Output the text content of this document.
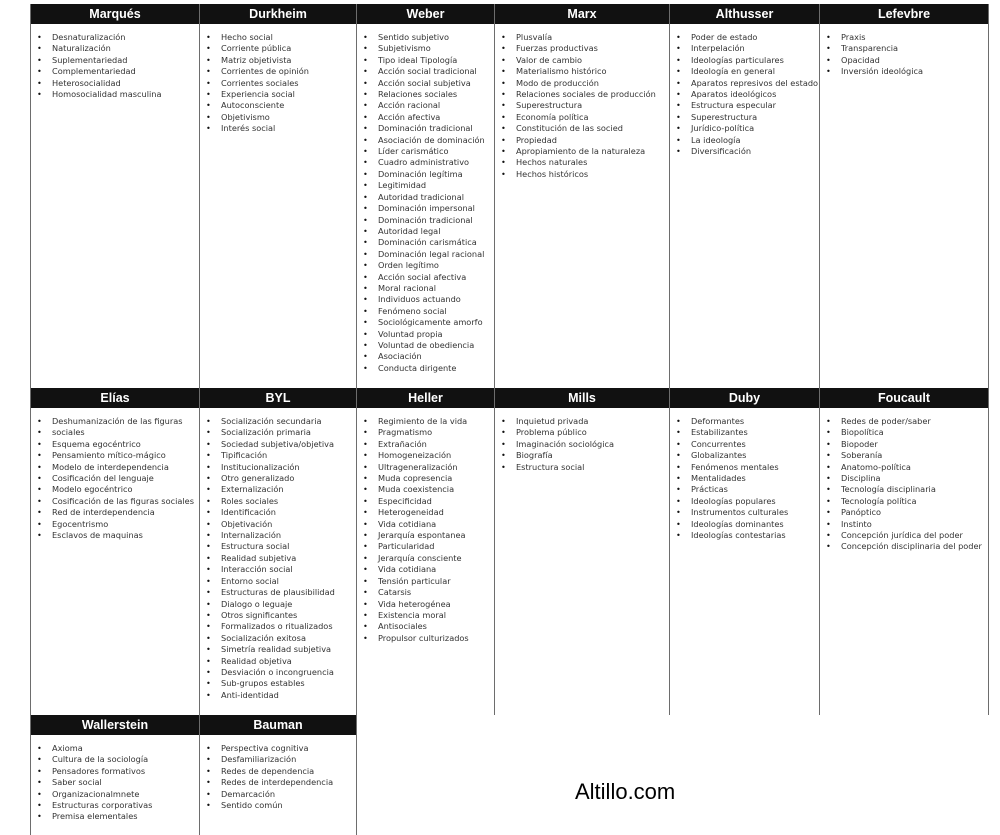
Marqués
• Desnaturalización
• Naturalización
• Suplementariedad
• Complementariedad
• Heterosocialidad
• Homosocialidad masculina
Durkheim
• Hecho social
• Corriente pública
• Matriz objetivista
• Corrientes de opinión
• Corrientes sociales
• Experiencia social
• Autoconsciente
• Objetivismo
• Interés social
Weber
• Sentido subjetivo
• Subjetivismo
• Tipo ideal Tipología
• Acción social tradicional
• Acción social subjetiva
• Relaciones sociales
• Acción racional
• Acción afectiva
• Dominación tradicional
• Asociación de dominación
• Líder carismático
• Cuadro administrativo
• Dominación legítima
• Legitimidad
• Autoridad tradicional
• Dominación impersonal
• Dominación tradicional
• Autoridad legal
• Dominación carismática
• Dominación legal racional
• Orden legítimo
• Acción social afectiva
• Moral racional
• Individuos actuando
• Fenómeno social
• Sociológicamente amorfo
• Voluntad propia
• Voluntad de obediencia
• Asociación
• Conducta dirigente
Marx
• Plusvalía
• Fuerzas productivas
• Valor de cambio
• Materialismo histórico
• Modo de producción
• Relaciones sociales de producción
• Superestructura
• Economía política
• Constitución de las socied
• Propiedad
• Apropiamiento de la naturaleza
• Hechos naturales
• Hechos históricos
Althusser
• Poder de estado
• Interpelación
• Ideologías particulares
• Ideología en general
• Aparatos represivos del estado
• Aparatos ideológicos
• Estructura especular
• Superestructura
• Jurídico-política
• La ideología
• Diversificación
Lefevbre
• Praxis
• Transparencia
• Opacidad
• Inversión ideológica
Elías
• Deshumanización de las figuras
• sociales
• Esquema egocéntrico
• Pensamiento mítico-mágico
• Modelo de interdependencia
• Cosificación del lenguaje
• Modelo egocéntrico
• Cosificación de las figuras sociales
• Red de interdependencia
• Egocentrismo
• Esclavos de maquinas
BYL
• Socialización secundaria
• Socialización primaria
• Sociedad subjetiva/objetiva
• Tipificación
• Institucionalización
• Otro generalizado
• Externalización
• Roles sociales
• Identificación
• Objetivación
• Internalización
• Estructura social
• Realidad subjetiva
• Interacción social
• Entorno social
• Estructuras de plausibilidad
• Dialogo o leguaje
• Otros significantes
• Formalizados o ritualizados
• Socialización exitosa
• Simetría realidad subjetiva
• Realidad objetiva
• Desviación o incongruencia
• Sub-grupos estables
• Anti-identidad
Heller
• Regimiento de la vida
• Pragmatismo
• Extrañación
• Homogeneización
• Ultrageneralización
• Muda copresencia
• Muda coexistencia
• Especificidad
• Heterogeneidad
• Vida cotidiana
• Jerarquía espontanea
• Particularidad
• Jerarquía consciente
• Vida cotidiana
• Tensión particular
• Catarsis
• Vida heterogénea
• Existencia moral
• Antisociales
• Propulsor culturizados
Mills
• Inquietud privada
• Problema público
• Imaginación sociológica
• Biografía
• Estructura social
Duby
• Deformantes
• Estabilizantes
• Concurrentes
• Globalizantes
• Fenómenos mentales
• Mentalidades
• Prácticas
• Ideologías populares
• Instrumentos culturales
• Ideologías dominantes
• Ideologías contestarias
Foucault
• Redes de poder/saber
• Biopolítica
• Biopoder
• Soberanía
• Anatomo-política
• Disciplina
• Tecnología disciplinaria
• Tecnología política
• Panóptico
• Instinto
• Concepción jurídica del poder
• Concepción disciplinaria del poder
Wallerstein
• Axioma
• Cultura de la sociología
• Pensadores formativos
• Saber social
• Organizacionalmnete
• Estructuras corporativas
• Premisa elementales
Bauman
• Perspectiva cognitiva
• Desfamiliarización
• Redes de dependencia
• Redes de interdependencia
• Demarcación
• Sentido común
Altillo.com
